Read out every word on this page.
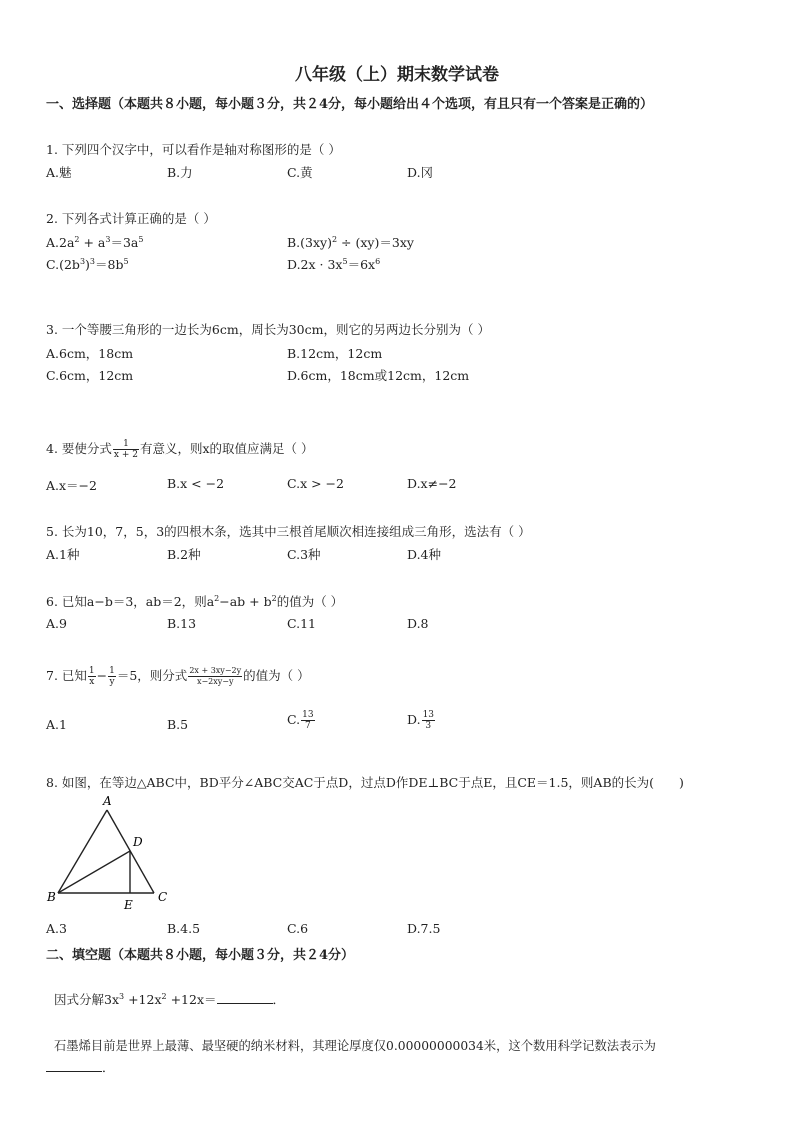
八年级（上）期末数学试卷
一、选择题（本题共８小题，每小题３分，共２4分，每小题给出４个选项，有且只有一个答案是正确的）
1. 下列四个汉字中，可以看作是轴对称图形的是（ ）
A.魅	B.力	C.黄	D.冈
2. 下列各式计算正确的是（ ）
$A.2a^2 + a^3=3a^5$	$B.(3xy)^2 \div (xy)=3xy$
$C.(2b^3)^3=8b^5$	$D.2x \cdot 3x^5=6x^6$
3. 一个等腰三角形的一边长为6cm，周长为30cm，则它的另两边长分别为（ ）
A.6cm，18cm	B.12cm，12cm
C.6cm，12cm	D.6cm，18cm或12cm，12cm
4. 要使分式 $\frac{1}{x + 2}$ 有意义，则x的取值应满足（ ）
A.x＝−2	B.x < −2	C.x > −2	D.x≠−2
5. 长为10，7，5，3的四根木条，选其中三根首尾顺次相连接组成三角形，选法有（ ）
A.1种	B.2种	C.3种	D.4种
6. 已知a−b＝3，ab＝2，则$a^2-ab + b^2$的值为（ ）
A.9	B.13	C.11	D.8
7. 已知 $\frac{1}{x} - \frac{1}{y} =5$，则分式 $\frac{2x + 3xy-2y}{x-2xy-y}$ 的值为（ ）
A.1	B.5	C. $\frac{13}{7}$	D. $\frac{13}{3}$
8. 如图，在等边△ABC中，BD平分∠ABC交AC于点D，过点D作DE⊥BC于点E，且CE＝1.5，则AB的长为(　　)
A
B	C
D
E
A.3	B.4.5	C.6	D.7.5
二、填空题（本题共８小题，每小题３分，共２4分）
因式分解$3x^3 +12x^2 +12x=$	．
石墨烯目前是世界上最薄、最坚硬的纳米材料，其理论厚度仅0.00000000034米，这个数用科学记数法表示为
．
